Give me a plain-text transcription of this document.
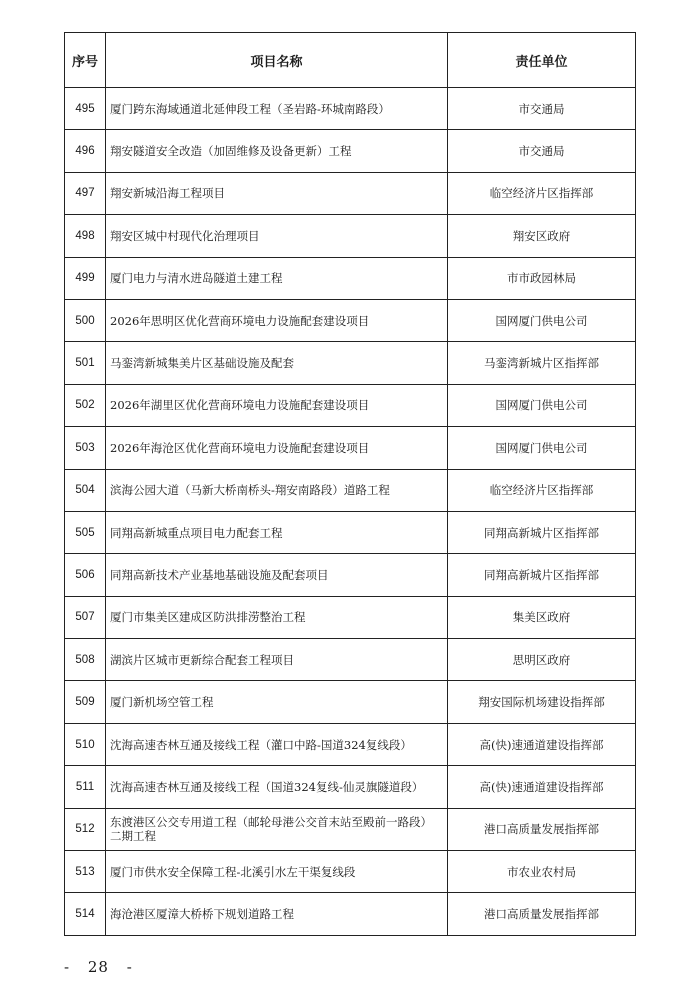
序号	项目名称	责任单位
495	厦门跨东海域通道北延伸段工程（圣岩路-环城南路段）	市交通局
496	翔安隧道安全改造（加固维修及设备更新）工程	市交通局
497	翔安新城沿海工程项目	临空经济片区指挥部
498	翔安区城中村现代化治理项目	翔安区政府
499	厦门电力与清水进岛隧道土建工程	市市政园林局
500	2026年思明区优化营商环境电力设施配套建设项目	国网厦门供电公司
501	马銮湾新城集美片区基础设施及配套	马銮湾新城片区指挥部
502	2026年湖里区优化营商环境电力设施配套建设项目	国网厦门供电公司
503	2026年海沧区优化营商环境电力设施配套建设项目	国网厦门供电公司
504	滨海公园大道（马新大桥南桥头-翔安南路段）道路工程	临空经济片区指挥部
505	同翔高新城重点项目电力配套工程	同翔高新城片区指挥部
506	同翔高新技术产业基地基础设施及配套项目	同翔高新城片区指挥部
507	厦门市集美区建成区防洪排涝整治工程	集美区政府
508	湖滨片区城市更新综合配套工程项目	思明区政府
509	厦门新机场空管工程	翔安国际机场建设指挥部
510	沈海高速杏林互通及接线工程（灌口中路-国道324复线段）	高(快)速通道建设指挥部
511	沈海高速杏林互通及接线工程（国道324复线-仙灵旗隧道段）	高(快)速通道建设指挥部
512	东渡港区公交专用道工程（邮轮母港公交首末站至殿前一路段）二期工程	港口高质量发展指挥部
513	厦门市供水安全保障工程-北溪引水左干渠复线段	市农业农村局
514	海沧港区厦漳大桥桥下规划道路工程	港口高质量发展指挥部
- 28 -
